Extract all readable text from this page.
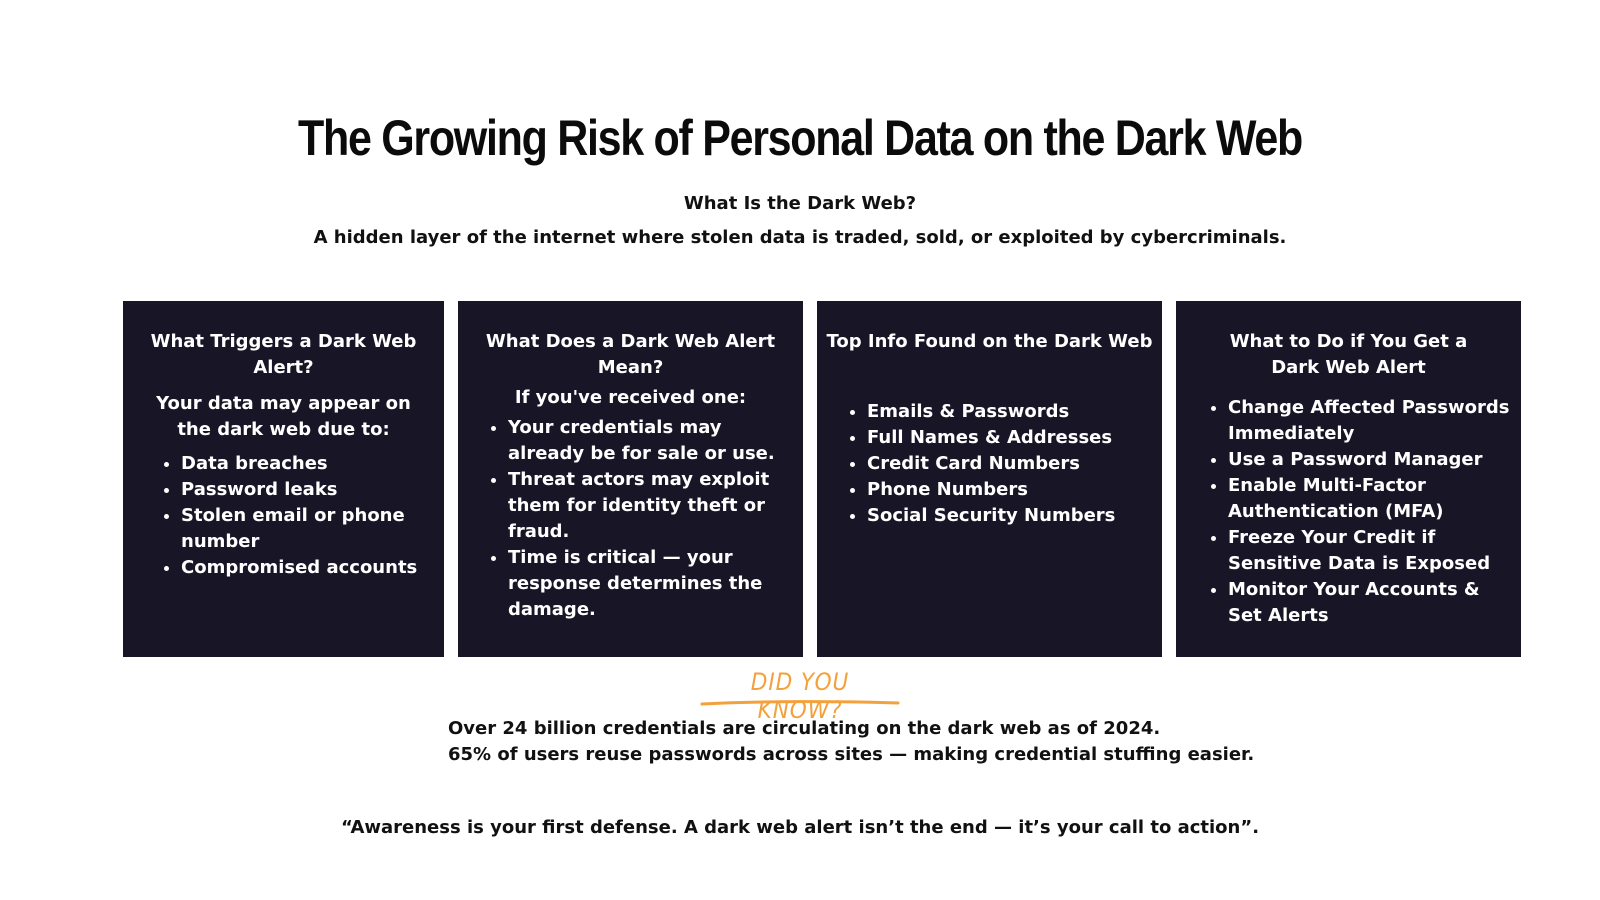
The Growing Risk of Personal Data on the Dark Web

What Is the Dark Web?

A hidden layer of the internet where stolen data is traded, sold, or exploited by cybercriminals.

What Triggers a Dark Web Alert?

Your data may appear on the dark web due to:

• Data breaches
• Password leaks
• Stolen email or phone number
• Compromised accounts
What Does a Dark Web Alert Mean?

If you've received one:

• Your credentials may already be for sale or use.
• Threat actors may exploit them for identity theft or fraud.
• Time is critical — your response determines the damage.
Top Info Found on the Dark Web
• Emails & Passwords
• Full Names & Addresses
• Credit Card Numbers
• Phone Numbers
• Social Security Numbers
What to Do if You Get a Dark Web Alert
• Change Affected Passwords Immediately
• Use a Password Manager
• Enable Multi-Factor Authentication (MFA)
• Freeze Your Credit if Sensitive Data is Exposed
• Monitor Your Accounts & Set Alerts
DID YOU KNOW?

Over 24 billion credentials are circulating on the dark web as of 2024.

65% of users reuse passwords across sites — making credential stuffing easier.

“Awareness is your first defense. A dark web alert isn’t the end — it’s your call to action”.
